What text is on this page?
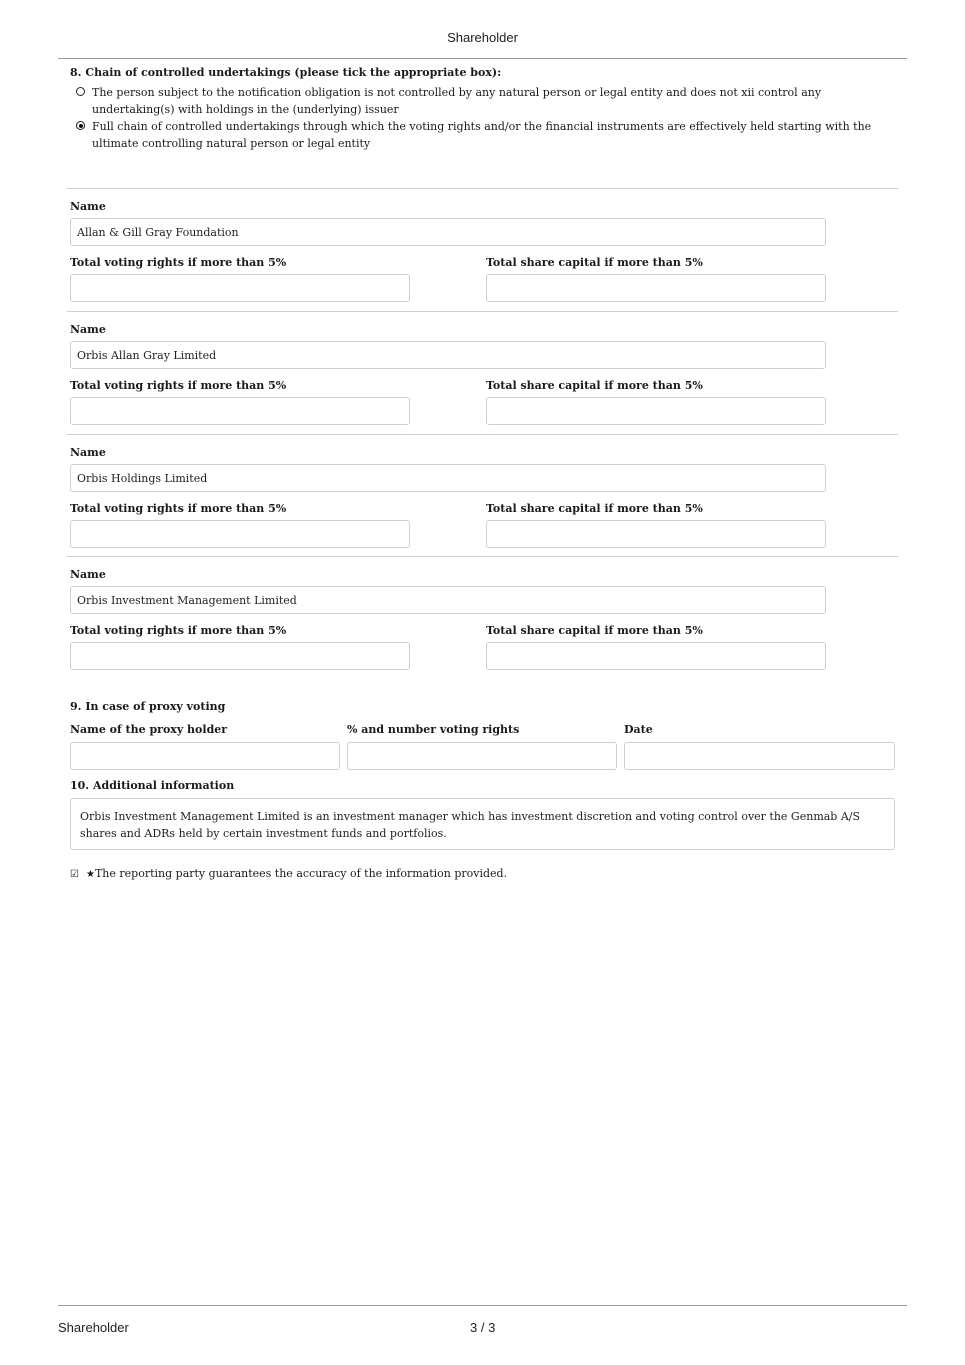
Shareholder
8. Chain of controlled undertakings (please tick the appropriate box):
The person subject to the notification obligation is not controlled by any natural person or legal entity and does not xii control any undertaking(s) with holdings in the (underlying) issuer
Full chain of controlled undertakings through which the voting rights and/or the financial instruments are effectively held starting with the ultimate controlling natural person or legal entity
Name
Allan & Gill Gray Foundation
Total voting rights if more than 5%	Total share capital if more than 5%
Name
Orbis Allan Gray Limited
Total voting rights if more than 5%	Total share capital if more than 5%
Name
Orbis Holdings Limited
Total voting rights if more than 5%	Total share capital if more than 5%
Name
Orbis Investment Management Limited
Total voting rights if more than 5%	Total share capital if more than 5%
9. In case of proxy voting
Name of the proxy holder	% and number voting rights	Date
10. Additional information
Orbis Investment Management Limited is an investment manager which has investment discretion and voting control over the Genmab A/S shares and ADRs held by certain investment funds and portfolios.
☑ ★The reporting party guarantees the accuracy of the information provided.
Shareholder	3 / 3
